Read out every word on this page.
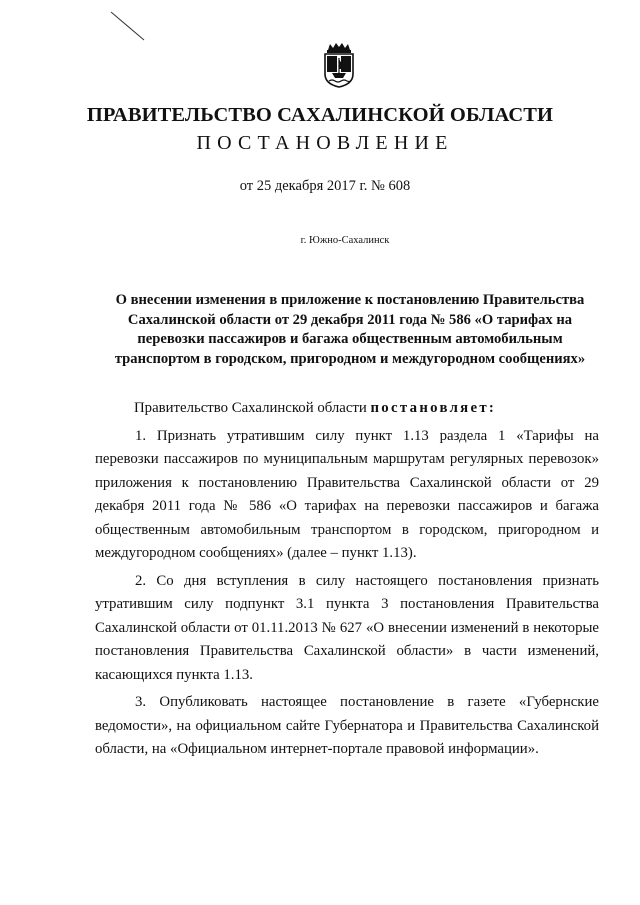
ПРАВИТЕЛЬСТВО САХАЛИНСКОЙ ОБЛАСТИ
ПОСТАНОВЛЕНИЕ
от 25 декабря 2017 г. № 608
г. Южно-Сахалинск
О внесении изменения в приложение к постановлению Правительства
Сахалинской области от 29 декабря 2011 года № 586 «О тарифах на
перевозки пассажиров и багажа общественным автомобильным
транспортом в городском, пригородном и междугородном сообщениях»
Правительство Сахалинской области постановляет:

1. Признать утратившим силу пункт 1.13 раздела 1 «Тарифы на перевозки пассажиров по муниципальным маршрутам регулярных перевозок» приложения к постановлению Правительства Сахалинской области от 29 декабря 2011 года № 586 «О тарифах на перевозки пассажиров и багажа общественным автомобильным транспортом в городском, пригородном и междугородном сообщениях» (далее – пункт 1.13).

2. Со дня вступления в силу настоящего постановления признать утратившим силу подпункт 3.1 пункта 3 постановления Правительства Сахалинской области от 01.11.2013 № 627 «О внесении изменений в некоторые постановления Правительства Сахалинской области» в части изменений, касающихся пункта 1.13.

3. Опубликовать настоящее постановление в газете «Губернские ведомости», на официальном сайте Губернатора и Правительства Сахалинской области, на «Официальном интернет-портале правовой информации».
